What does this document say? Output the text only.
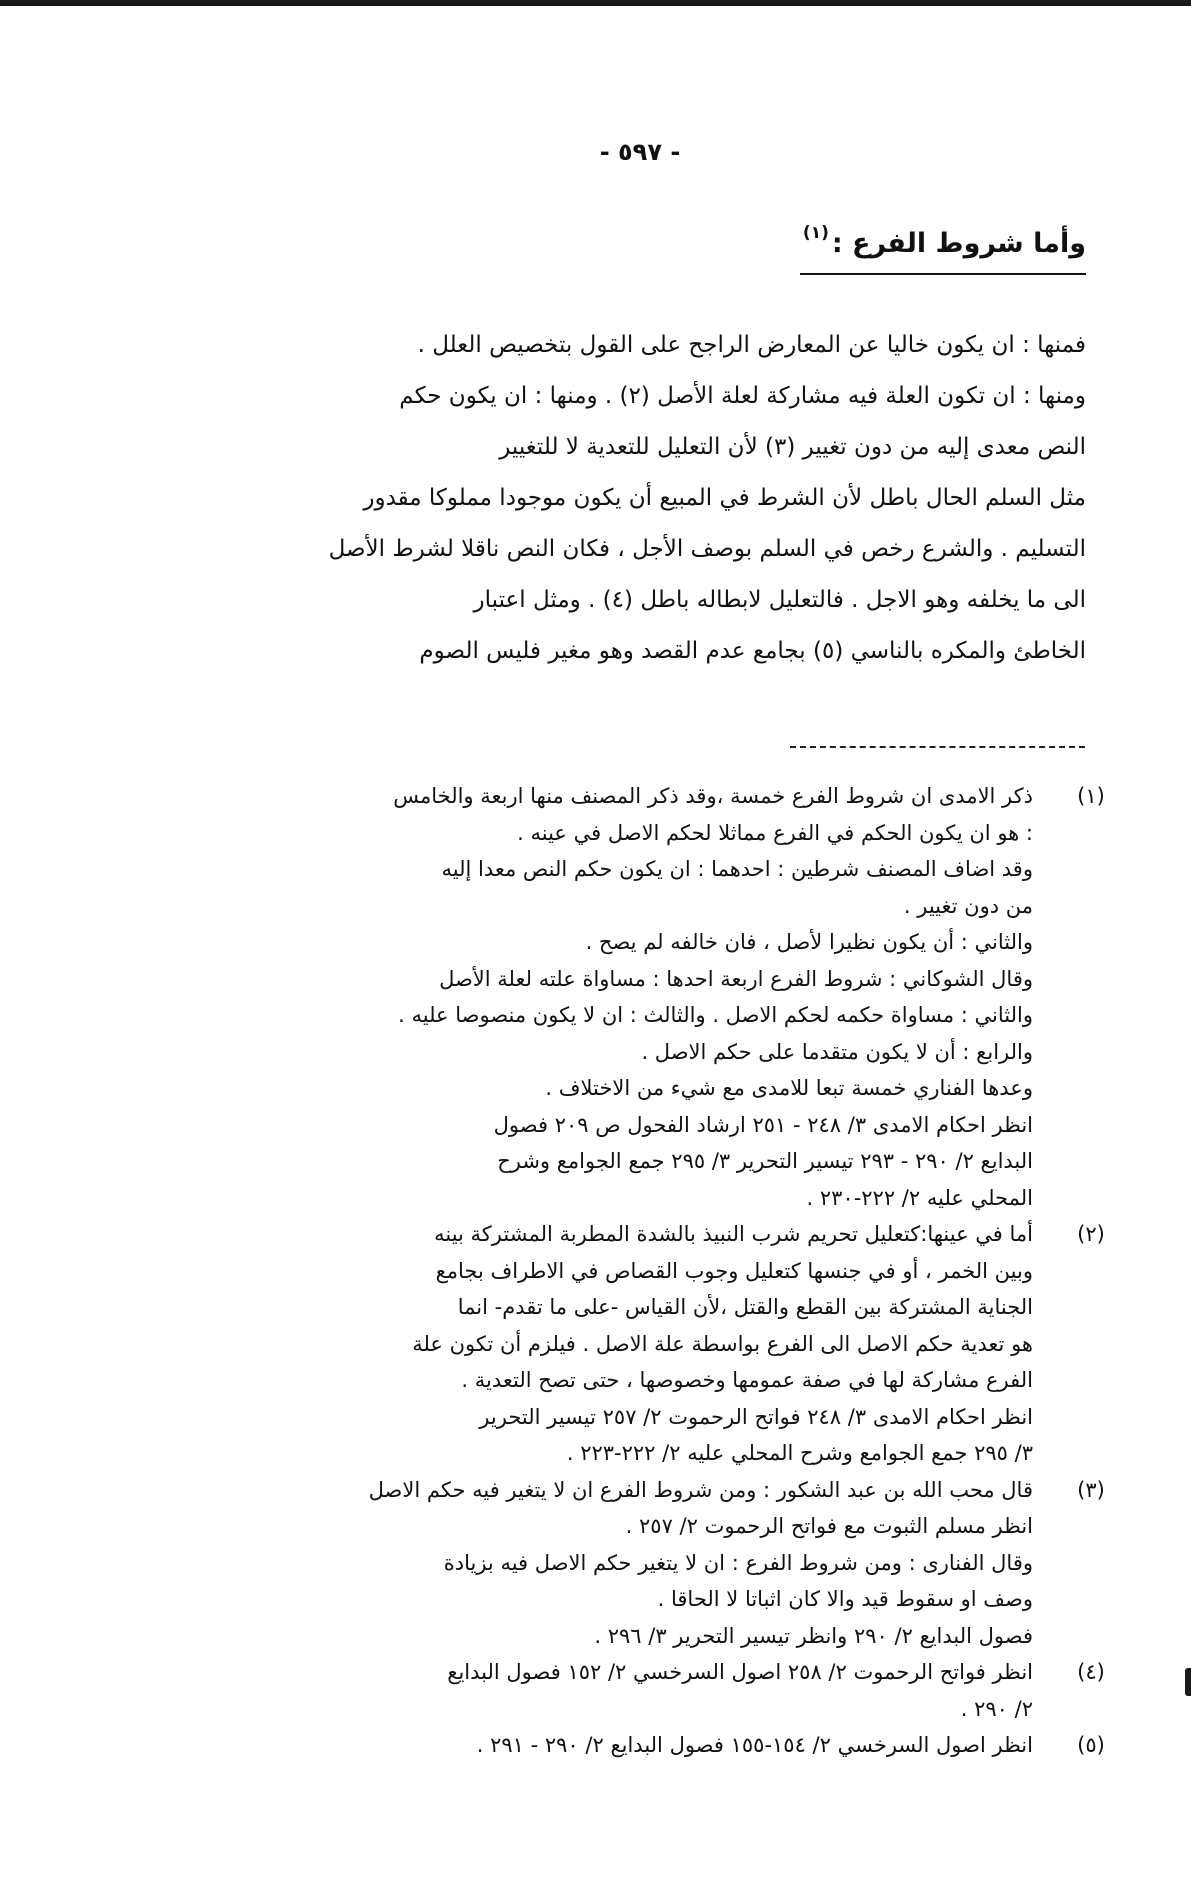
- ٥٩٧ -
وأما شروط الفرع :$^{(١)}$
فمنها : ان يكون خاليا عن المعارض الراجح على القول بتخصيص العلل .
ومنها : ان تكون العلة فيه مشاركة لعلة الأصل (٢) . ومنها : ان يكون حكم
النص معدى إليه من دون تغيير (٣) لأن التعليل للتعدية لا للتغيير
مثل السلم الحال باطل لأن الشرط في المبيع أن يكون موجودا مملوكا مقدور
التسليم . والشرع رخص في السلم بوصف الأجل ، فكان النص ناقلا لشرط الأصل
الى ما يخلفه وهو الاجل . فالتعليل لابطاله باطل (٤) . ومثل اعتبار
الخاطئ والمكره بالناسي (٥) بجامع عدم القصد وهو مغير فليس الصوم
(١)
ذكر الامدى ان شروط الفرع خمسة ،وقد ذكر المصنف منها اربعة والخامس
: هو ان يكون الحكم في الفرع مماثلا لحكم الاصل في عينه .
وقد اضاف المصنف شرطين : احدهما : ان يكون حكم النص معدا إليه
من دون تغيير .
والثاني : أن يكون نظيرا لأصل ، فان خالفه لم يصح .
وقال الشوكاني : شروط الفرع اربعة احدها : مساواة علته لعلة الأصل
والثاني : مساواة حكمه لحكم الاصل . والثالث : ان لا يكون منصوصا عليه .
والرابع : أن لا يكون متقدما على حكم الاصل .
وعدها الفناري خمسة تبعا للامدى مع شيء من الاختلاف .
انظر احكام الامدى ٣/ ٢٤٨ - ٢٥١ ارشاد الفحول ص ٢٠٩ فصول
البدايع ٢/ ٢٩٠ - ٢٩٣ تيسير التحرير ٣/ ٢٩٥ جمع الجوامع وشرح
المحلي عليه ٢/ ٢٢٢-٢٣٠ .
(٢)
أما في عينها:كتعليل تحريم شرب النبيذ بالشدة المطربة المشتركة بينه
وبين الخمر ، أو في جنسها كتعليل وجوب القصاص في الاطراف بجامع
الجناية المشتركة بين القطع والقتل ،لأن القياس -على ما تقدم- انما
هو تعدية حكم الاصل الى الفرع بواسطة علة الاصل . فيلزم أن تكون علة
الفرع مشاركة لها في صفة عمومها وخصوصها ، حتى تصح التعدية .
انظر احكام الامدى ٣/ ٢٤٨ فواتح الرحموت ٢/ ٢٥٧ تيسير التحرير
٣/ ٢٩٥ جمع الجوامع وشرح المحلي عليه ٢/ ٢٢٢-٢٢٣ .
(٣)
قال محب الله بن عبد الشكور : ومن شروط الفرع ان لا يتغير فيه حكم الاصل
انظر مسلم الثبوت مع فواتح الرحموت ٢/ ٢٥٧ .
وقال الفنارى : ومن شروط الفرع : ان لا يتغير حكم الاصل فيه بزيادة
وصف او سقوط قيد والا كان اثباتا لا الحاقا .
فصول البدايع ٢/ ٢٩٠ وانظر تيسير التحرير ٣/ ٢٩٦ .
(٤)
انظر فواتح الرحموت ٢/ ٢٥٨ اصول السرخسي ٢/ ١٥٢ فصول البدايع
٢/ ٢٩٠ .
(٥)
انظر اصول السرخسي ٢/ ١٥٤-١٥٥ فصول البدايع ٢/ ٢٩٠ - ٢٩١ .
